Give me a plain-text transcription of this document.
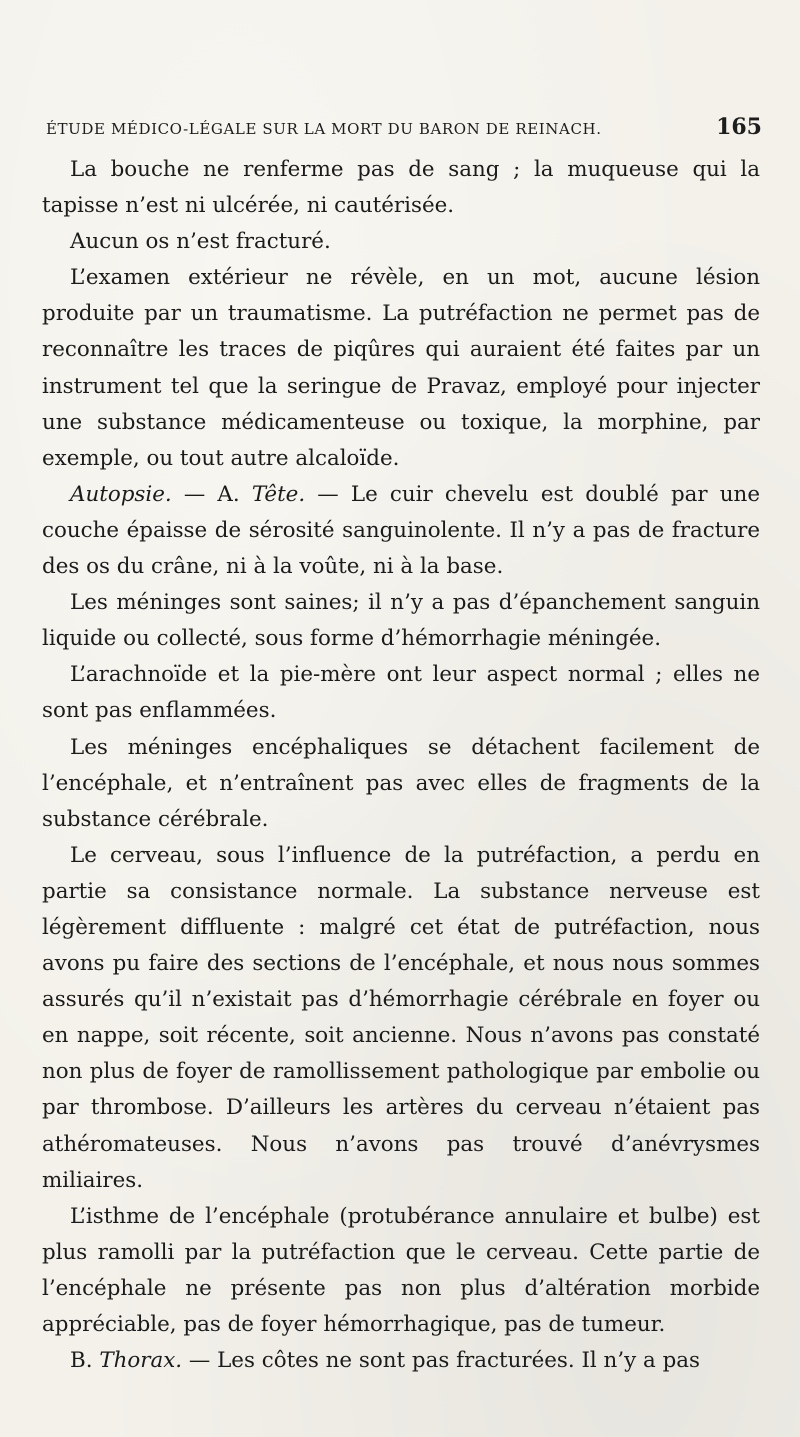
ÉTUDE MÉDICO-LÉGALE SUR LA MORT DU BARON DE REINACH.	165

La bouche ne renferme pas de sang ; la muqueuse qui la tapisse n’est ni ulcérée, ni cautérisée.

Aucun os n’est fracturé.

L’examen extérieur ne révèle, en un mot, aucune lésion produite par un traumatisme. La putréfaction ne permet pas de reconnaître les traces de piqûres qui auraient été faites par un instrument tel que la seringue de Pravaz, employé pour injecter une substance médicamenteuse ou toxique, la morphine, par exemple, ou tout autre alcaloïde.

Autopsie. — A. Tête. — Le cuir chevelu est doublé par une couche épaisse de sérosité sanguinolente. Il n’y a pas de fracture des os du crâne, ni à la voûte, ni à la base.

Les méninges sont saines; il n’y a pas d’épanchement sanguin liquide ou collecté, sous forme d’hémorrhagie méningée.

L’arachnoïde et la pie-mère ont leur aspect normal ; elles ne sont pas enflammées.

Les méninges encéphaliques se détachent facilement de l’encéphale, et n’entraînent pas avec elles de fragments de la substance cérébrale.

Le cerveau, sous l’influence de la putréfaction, a perdu en partie sa consistance normale. La substance nerveuse est légèrement diffluente : malgré cet état de putréfaction, nous avons pu faire des sections de l’encéphale, et nous nous sommes assurés qu’il n’existait pas d’hémorrhagie cérébrale en foyer ou en nappe, soit récente, soit ancienne. Nous n’avons pas constaté non plus de foyer de ramollissement pathologique par embolie ou par thrombose. D’ailleurs les artères du cerveau n’étaient pas athéromateuses. Nous n’avons pas trouvé d’anévrysmes miliaires.

L’isthme de l’encéphale (protubérance annulaire et bulbe) est plus ramolli par la putréfaction que le cerveau. Cette partie de l’encéphale ne présente pas non plus d’altération morbide appréciable, pas de foyer hémorrhagique, pas de tumeur.

B. Thorax. — Les côtes ne sont pas fracturées. Il n’y a pas
